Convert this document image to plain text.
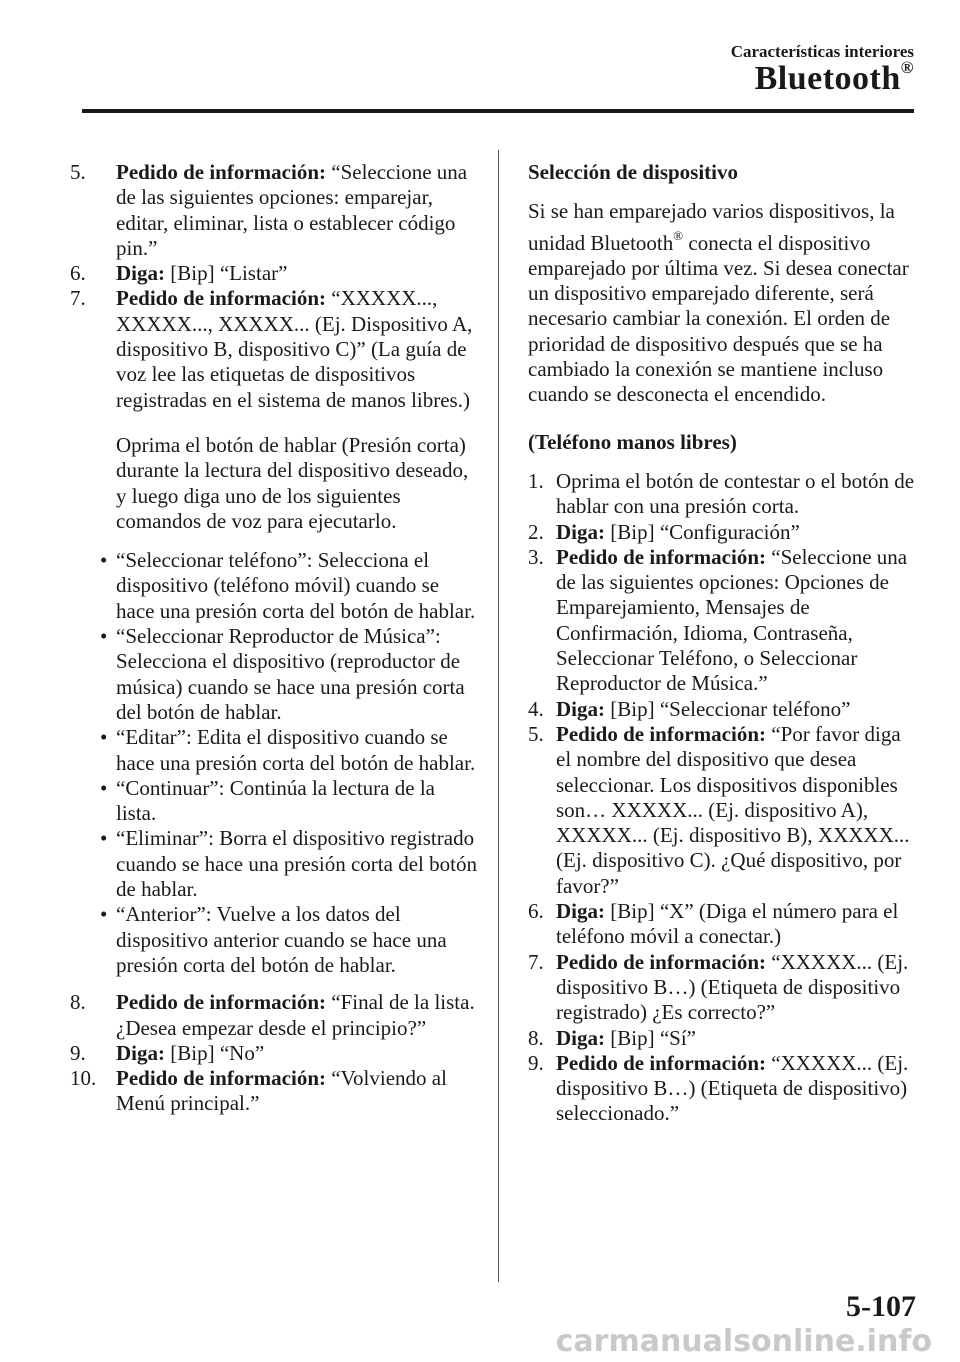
Características interiores
Bluetooth®
5.	Pedido de información: “Seleccione una de las siguientes opciones: emparejar, editar, eliminar, lista o establecer código pin.”
6.	Diga: [Bip] “Listar”
7.	Pedido de información: “XXXXX..., XXXXX..., XXXXX... (Ej. Dispositivo A, dispositivo B, dispositivo C)” (La guía de voz lee las etiquetas de dispositivos registradas en el sistema de manos libres.)
Oprima el botón de hablar (Presión corta) durante la lectura del dispositivo deseado, y luego diga uno de los siguientes comandos de voz para ejecutarlo.
• “Seleccionar teléfono”: Selecciona el dispositivo (teléfono móvil) cuando se hace una presión corta del botón de hablar.
• “Seleccionar Reproductor de Música”: Selecciona el dispositivo (reproductor de música) cuando se hace una presión corta del botón de hablar.
• “Editar”: Edita el dispositivo cuando se hace una presión corta del botón de hablar.
• “Continuar”: Continúa la lectura de la lista.
• “Eliminar”: Borra el dispositivo registrado cuando se hace una presión corta del botón de hablar.
• “Anterior”: Vuelve a los datos del dispositivo anterior cuando se hace una presión corta del botón de hablar.
8.	Pedido de información: “Final de la lista. ¿Desea empezar desde el principio?”
9.	Diga: [Bip] “No”
10. Pedido de información: “Volviendo al Menú principal.”
Selección de dispositivo
Si se han emparejado varios dispositivos, la unidad Bluetooth® conecta el dispositivo emparejado por última vez. Si desea conectar un dispositivo emparejado diferente, será necesario cambiar la conexión. El orden de prioridad de dispositivo después que se ha cambiado la conexión se mantiene incluso cuando se desconecta el encendido.
(Teléfono manos libres)
1. Oprima el botón de contestar o el botón de hablar con una presión corta.
2. Diga: [Bip] “Configuración”
3. Pedido de información: “Seleccione una de las siguientes opciones: Opciones de Emparejamiento, Mensajes de Confirmación, Idioma, Contraseña, Seleccionar Teléfono, o Seleccionar Reproductor de Música.”
4. Diga: [Bip] “Seleccionar teléfono”
5. Pedido de información: “Por favor diga el nombre del dispositivo que desea seleccionar. Los dispositivos disponibles son… XXXXX... (Ej. dispositivo A), XXXXX... (Ej. dispositivo B), XXXXX... (Ej. dispositivo C). ¿Qué dispositivo, por favor?”
6. Diga: [Bip] “X” (Diga el número para el teléfono móvil a conectar.)
7. Pedido de información: “XXXXX... (Ej. dispositivo B…) (Etiqueta de dispositivo registrado) ¿Es correcto?”
8. Diga: [Bip] “Sí”
9. Pedido de información: “XXXXX... (Ej. dispositivo B…) (Etiqueta de dispositivo) seleccionado.”
5-107
carmanualsonline.info
